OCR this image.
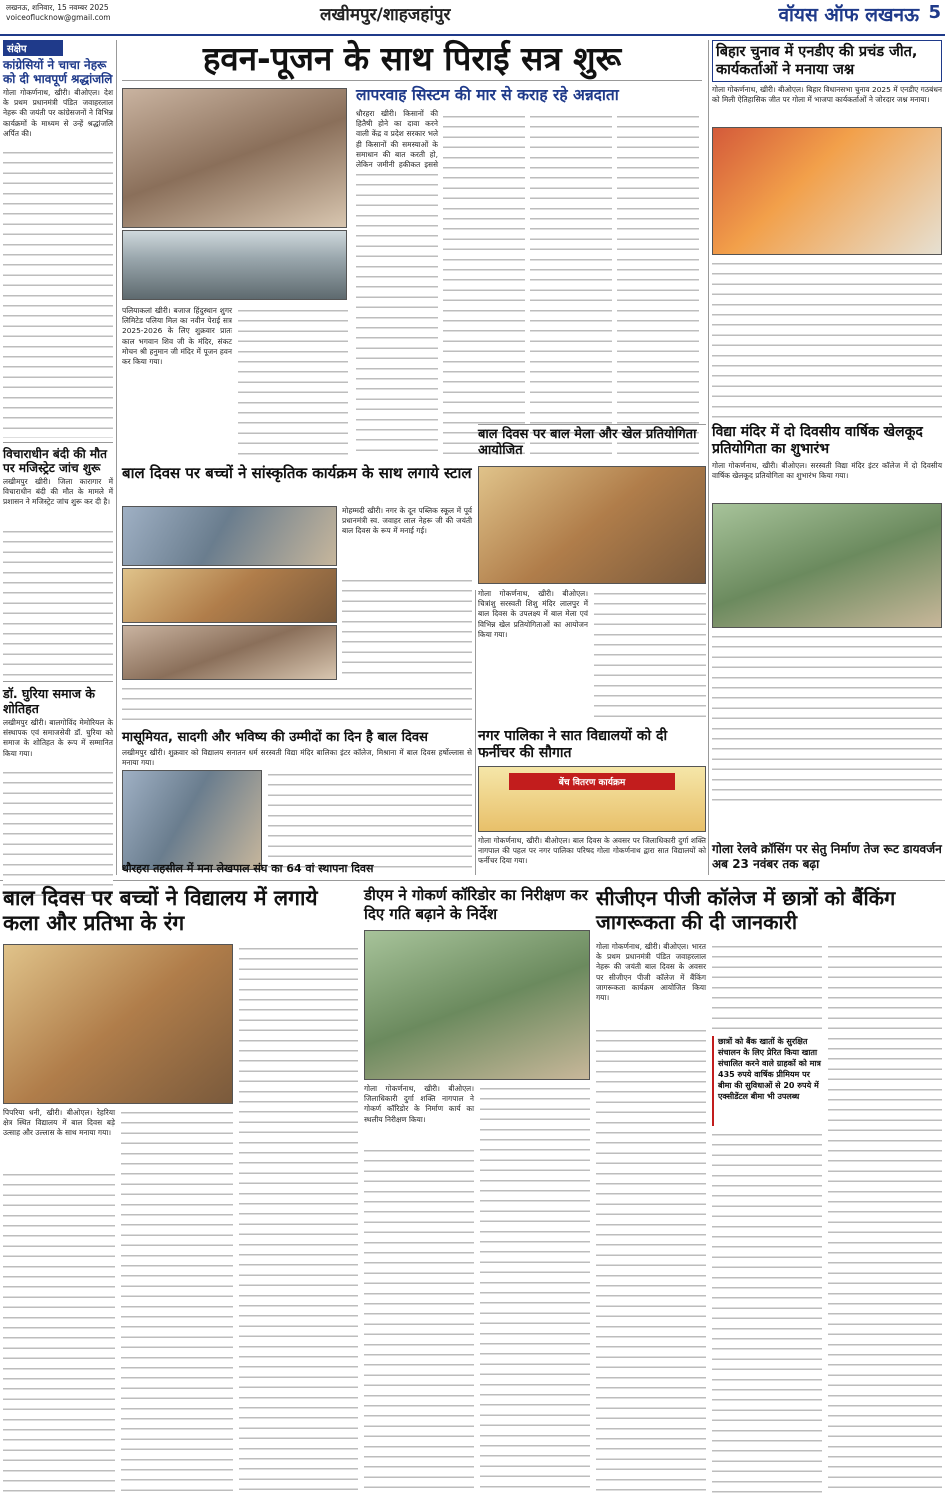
लखनऊ, शनिवार, 15 नवम्बर 2025
voiceoflucknow@gmail.com	लखीमपुर/शाहजहांपुर	वॉयस ऑफ लखनऊ 5
संक्षेप
कांग्रेसियों ने चाचा नेहरू को दी भावपूर्ण श्रद्धांजलि
गोला गोकर्णनाथ, खीरी। बीओएल। देश के प्रथम प्रधानमंत्री पंडित जवाहरलाल नेहरू की जयंती पर कांग्रेसजनों ने विभिन्न कार्यक्रमों के माध्यम से उन्हें श्रद्धांजलि अर्पित की।
विचाराधीन बंदी की मौत पर मजिस्ट्रेट जांच शुरू
लखीमपुर खीरी। जिला कारागार में विचाराधीन बंदी की मौत के मामले में प्रशासन ने मजिस्ट्रेट जांच शुरू कर दी है।
डॉ. घुरिया समाज के शोतिहत
लखीमपुर खीरी। बालगोविंद मेमोरियल के संस्थापक एवं समाजसेवी डॉ. घुरिया को समाज के शोतिहत के रूप में सम्मानित किया गया।
हवन-पूजन के साथ पिराई सत्र शुरू
पलियाकलां खीरी। बजाज हिंदुस्थान शुगर लिमिटेड पलिया मिल का नवीन पेराई सत्र 2025-2026 के लिए शुक्रवार प्रातः काल भगवान शिव जी के मंदिर, संकट मोचन श्री हनुमान जी मंदिर में पूजन हवन कर किया गया।
लापरवाह सिस्टम की मार से कराह रहे अन्नदाता
धौरहरा खीरी। किसानों की हितैषी होने का दावा करने वाली केंद्र व प्रदेश सरकार भले ही किसानों की समस्याओं के समाधान की बात करती हो, लेकिन जमीनी हकीकत इससे
बिहार चुनाव में एनडीए की प्रचंड जीत, कार्यकर्ताओं ने मनाया जश्न
गोला गोकर्णनाथ, खीरी। बीओएल। बिहार विधानसभा चुनाव 2025 में एनडीए गठबंधन को मिली ऐतिहासिक जीत पर गोला में भाजपा कार्यकर्ताओं ने जोरदार जश्न मनाया।
विद्या मंदिर में दो दिवसीय वार्षिक खेलकूद प्रतियोगिता का शुभारंभ
गोला गोकर्णनाथ, खीरी। बीओएल। सरस्वती विद्या मंदिर इंटर कॉलेज में दो दिवसीय वार्षिक खेलकूद प्रतियोगिता का शुभारंभ किया गया।
गोला रेलवे क्रॉसिंग पर सेतु निर्माण तेज रूट डायवर्जन अब 23 नवंबर तक बढ़ा
बाल दिवस पर बच्चों ने सांस्कृतिक कार्यक्रम के साथ लगाये स्टाल
मोहम्मदी खीरी। नगर के दून पब्लिक स्कूल में पूर्व प्रधानमंत्री स्व. जवाहर लाल नेहरू जी की जयंती बाल दिवस के रूप में मनाई गई।
बाल दिवस पर बाल मेला और खेल प्रतियोगिता आयोजित
गोला गोकर्णनाथ, खीरी। बीओएल। चित्रांशु सरस्वती शिशु मंदिर लालपुर में बाल दिवस के उपलक्ष्य में बाल मेला एवं विभिन्न खेल प्रतियोगिताओं का आयोजन किया गया।
मासूमियत, सादगी और भविष्य की उम्मीदों का दिन है बाल दिवस
लखीमपुर खीरी। शुक्रवार को विद्यालय सनातन धर्म सरस्वती विद्या मंदिर बालिका इंटर कॉलेज, मिश्राना में बाल दिवस हर्षोल्लास से मनाया गया।
नगर पालिका ने सात विद्यालयों को दी फर्नीचर की सौगात
बेंच वितरण कार्यक्रम
गोला गोकर्णनाथ, खीरी। बीओएल। बाल दिवस के अवसर पर जिलाधिकारी दुर्गा शक्ति नागपाल की पहल पर नगर पालिका परिषद गोला गोकर्णनाथ द्वारा सात विद्यालयों को फर्नीचर दिया गया।
धौरहरा तहसील में मना लेखपाल संघ का 64 वां स्थापना दिवस
बाल दिवस पर बच्चों ने विद्यालय में लगाये कला और प्रतिभा के रंग
पिपरिया धनी, खीरी। बीओएल। रेहरिया क्षेत्र स्थित विद्यालय में बाल दिवस बड़े उत्साह और उल्लास के साथ मनाया गया।
डीएम ने गोकर्ण कॉरिडोर का निरीक्षण कर दिए गति बढ़ाने के निर्देश
गोला गोकर्णनाथ, खीरी। बीओएल। जिलाधिकारी दुर्गा शक्ति नागपाल ने गोकर्ण कॉरिडोर के निर्माण कार्य का स्थलीय निरीक्षण किया।
सीजीएन पीजी कॉलेज में छात्रों को बैंकिंग जागरूकता की दी जानकारी
गोला गोकर्णनाथ, खीरी। बीओएल। भारत के प्रथम प्रधानमंत्री पंडित जवाहरलाल नेहरू की जयंती बाल दिवस के अवसर पर सीजीएन पीजी कॉलेज में बैंकिंग जागरूकता कार्यक्रम आयोजित किया गया।
छात्रों को बैंक खातों के सुरक्षित संचालन के लिए प्रेरित किया खाता संचालित करने वाले ग्राहकों को मात्र 435 रुपये वार्षिक प्रीमियम पर बीमा की सुविधाओं से 20 रुपये में एक्सीडेंटल बीमा भी उपलब्ध
